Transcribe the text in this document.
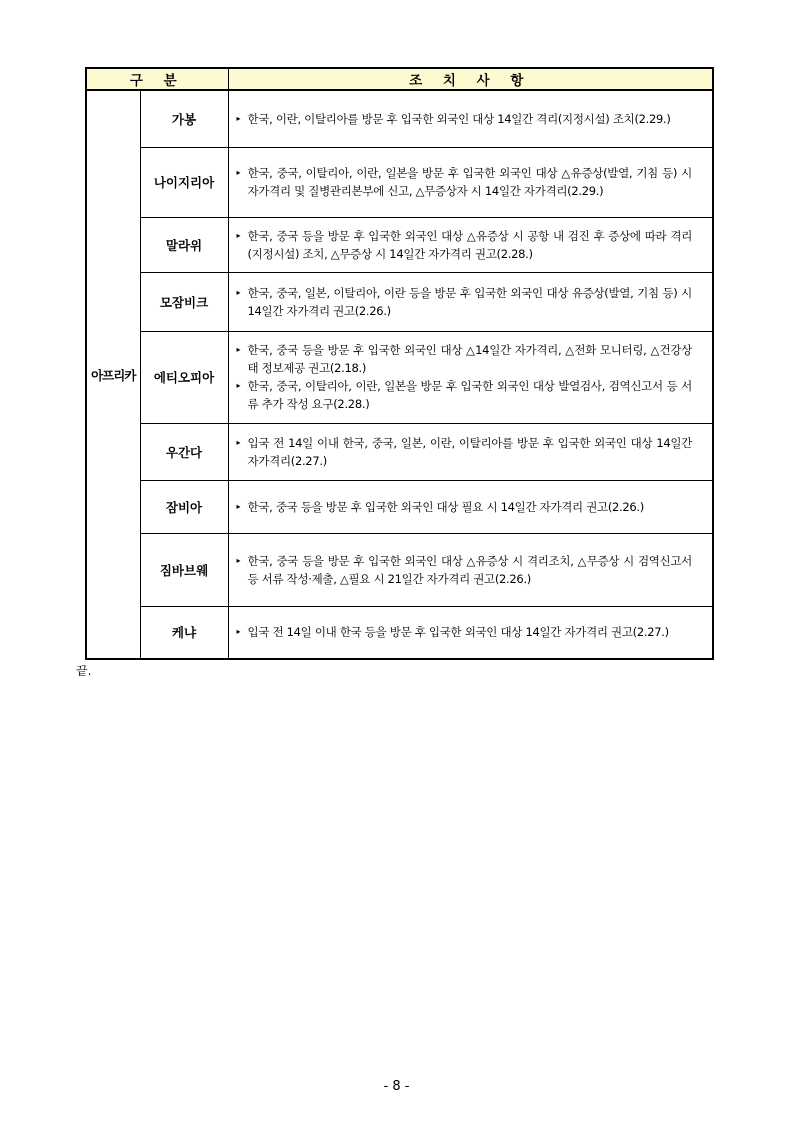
구 분		조 치 사 항
아프리카	가봉	▸ 한국, 이란, 이탈리아를 방문 후 입국한 외국인 대상 14일간 격리(지정시설) 조치(2.29.)

	나이지리아	▸ 한국, 중국, 이탈리아, 이란, 일본을 방문 후 입국한 외국인 대상 △유증상(발열, 기침 등) 시 자가격리 및 질병관리본부에 신고, △무증상자 시 14일간 자가격리(2.29.)

	말라위	▸ 한국, 중국 등을 방문 후 입국한 외국인 대상 △유증상 시 공항 내 검진 후 증상에 따라 격리(지정시설) 조치, △무증상 시 14일간 자가격리 권고(2.28.)

	모잠비크	▸ 한국, 중국, 일본, 이탈리아, 이란 등을 방문 후 입국한 외국인 대상 유증상(발열, 기침 등) 시 14일간 자가격리 권고(2.26.)

	에티오피아	▸ 한국, 중국 등을 방문 후 입국한 외국인 대상 △14일간 자가격리, △전화 모니터링, △건강상태 정보제공 권고(2.18.)
▸ 한국, 중국, 이탈리아, 이란, 일본을 방문 후 입국한 외국인 대상 발열검사, 검역신고서 등 서류 추가 작성 요구(2.28.)

	우간다	▸ 입국 전 14일 이내 한국, 중국, 일본, 이란, 이탈리아를 방문 후 입국한 외국인 대상 14일간 자가격리(2.27.)

	잠비아	▸ 한국, 중국 등을 방문 후 입국한 외국인 대상 필요 시 14일간 자가격리 권고(2.26.)

	짐바브웨	▸ 한국, 중국 등을 방문 후 입국한 외국인 대상 △유증상 시 격리조치, △무증상 시 검역신고서 등 서류 작성·제출, △필요 시 21일간 자가격리 권고(2.26.)

	케냐	▸ 입국 전 14일 이내 한국 등을 방문 후 입국한 외국인 대상 14일간 자가격리 권고(2.27.)
끝.
- 8 -
